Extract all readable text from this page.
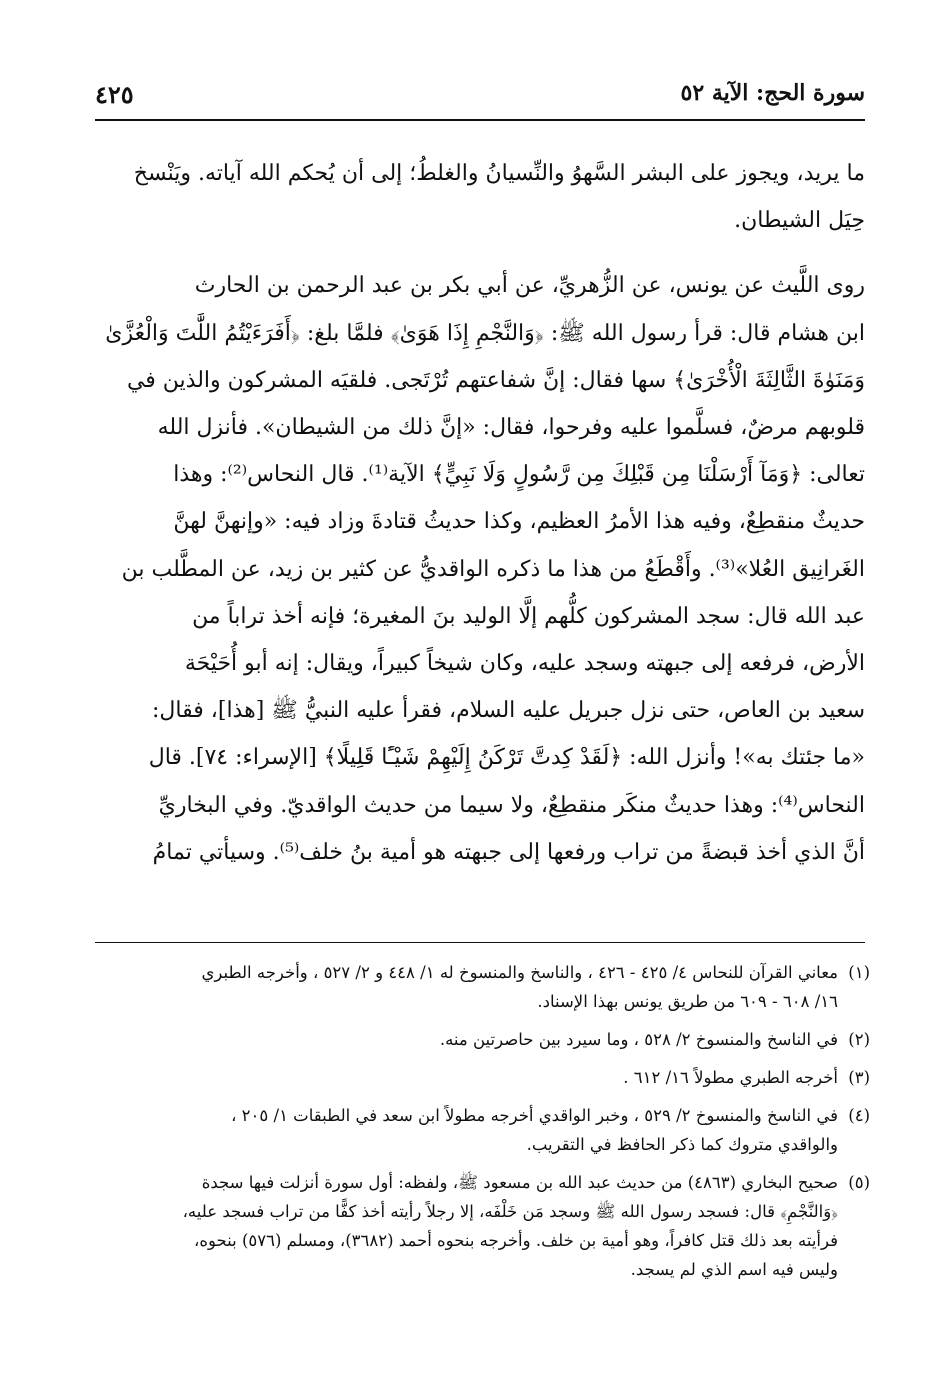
سورة الحج: الآية ٥٢
٤٢٥

ما يريد، ويجوز على البشر السَّهوُ والنِّسيانُ والغلطُ؛ إلى أن يُحكم الله آياته. ويَنْسخ
حِيَل الشيطان.

روى اللَّيث عن يونس، عن الزُّهريِّ، عن أبي بكر بن عبد الرحمن بن الحارث
ابن هشام قال: قرأ رسول الله ﷺ: ﴿وَالنَّجْمِ إِذَا هَوَىٰ﴾ فلمَّا بلغ: ﴿أَفَرَءَيْتُمُ اللَّٰتَ وَالْعُزَّىٰ
وَمَنَوٰةَ الثَّالِثَةَ الْأُخْرَىٰ﴾ سها فقال: إنَّ شفاعتهم تُرْتَجى. فلقيَه المشركون والذين في
قلوبهم مرضٌ، فسلَّموا عليه وفرحوا، فقال: «إنَّ ذلك من الشيطان». فأنزل الله
تعالى: ﴿وَمَآ أَرْسَلْنَا مِن قَبْلِكَ مِن رَّسُولٍ وَلَا نَبِيٍّ﴾ الآية⁽¹⁾. قال النحاس⁽²⁾: وهذا
حديثٌ منقطِعٌ، وفيه هذا الأمرُ العظيم، وكذا حديثُ قتادةَ وزاد فيه: «وإنهنَّ لهنَّ
الغَرانِيق العُلا»⁽³⁾. وأَقْطَعُ من هذا ما ذكره الواقديُّ عن كثير بن زيد، عن المطَّلب بن
عبد الله قال: سجد المشركون كلُّهم إلَّا الوليد بنَ المغيرة؛ فإنه أخذ تراباً من
الأرض، فرفعه إلى جبهته وسجد عليه، وكان شيخاً كبيراً، ويقال: إنه أبو أُحَيْحَة
سعيد بن العاص، حتى نزل جبريل عليه السلام، فقرأ عليه النبيُّ ﷺ [هذا]، فقال:
«ما جئتك به»! وأنزل الله: ﴿لَقَدْ كِدتَّ تَرْكَنُ إِلَيْهِمْ شَيْـًٔا قَلِيلًا﴾ [الإسراء: ٧٤]. قال
النحاس⁽⁴⁾: وهذا حديثٌ منكَر منقطِعٌ، ولا سيما من حديث الواقديّ. وفي البخاريِّ
أنَّ الذي أخذ قبضةً من تراب ورفعها إلى جبهته هو أمية بنُ خلف⁽⁵⁾. وسيأتي تمامُ

(١)
معاني القرآن للنحاس ٤/ ٤٢٥ - ٤٢٦ ، والناسخ والمنسوخ له ١/ ٤٤٨ و ٢/ ٥٢٧ ، وأخرجه الطبري
١٦/ ٦٠٨ - ٦٠٩ من طريق يونس بهذا الإسناد.
(٢)
في الناسخ والمنسوخ ٢/ ٥٢٨ ، وما سيرد بين حاصرتين منه.
(٣)
أخرجه الطبري مطولاً ١٦/ ٦١٢ .
(٤)
في الناسخ والمنسوخ ٢/ ٥٢٩ ، وخبر الواقدي أخرجه مطولاً ابن سعد في الطبقات ١/ ٢٠٥ ،
والواقدي متروك كما ذكر الحافظ في التقريب.
(٥)
صحيح البخاري (٤٨٦٣) من حديث عبد الله بن مسعود ﷺ، ولفظه: أول سورة أنزلت فيها سجدة
﴿وَالنَّجْمِ﴾ قال: فسجد رسول الله ﷺ وسجد مَن خَلْفَه، إلا رجلاً رأيته أخذ كفًّا من تراب فسجد عليه،
فرأيته بعد ذلك قتل كافراً، وهو أمية بن خلف. وأخرجه بنحوه أحمد (٣٦٨٢)، ومسلم (٥٧٦) بنحوه،
وليس فيه اسم الذي لم يسجد.
